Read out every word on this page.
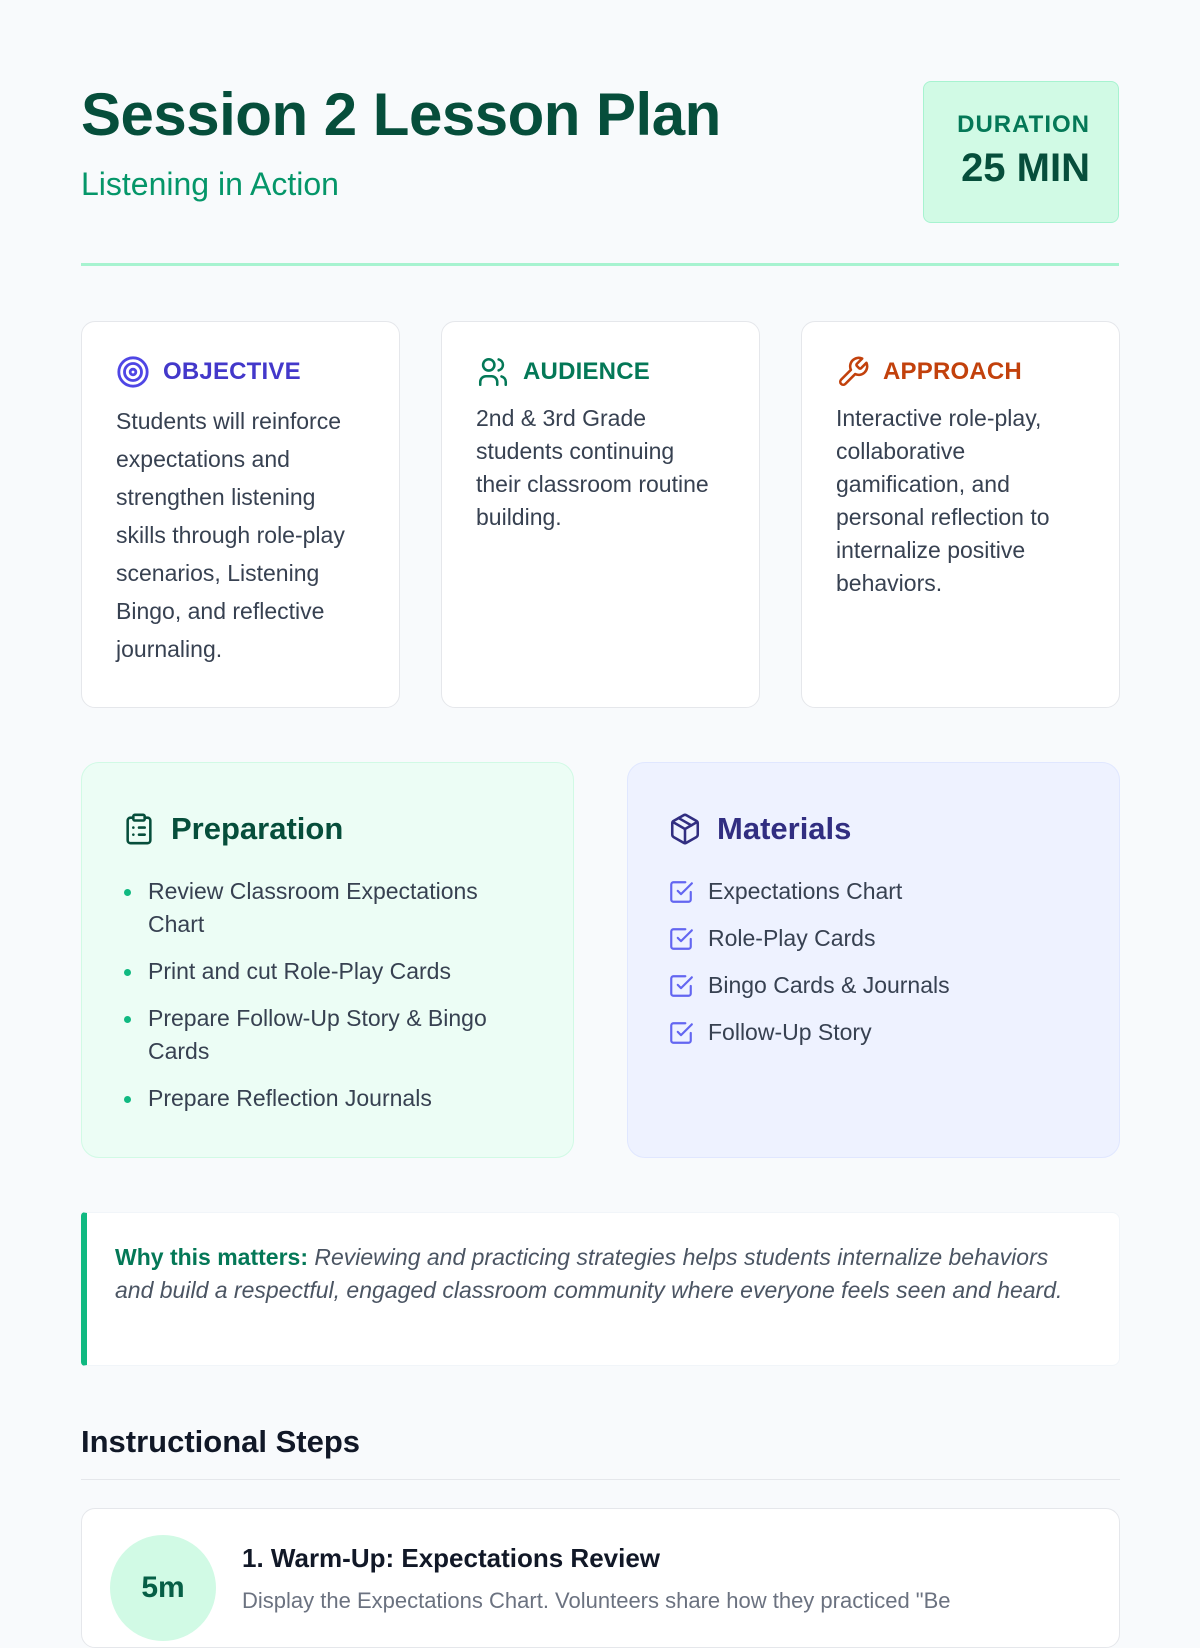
Session 2 Lesson Plan
Listening in Action
DURATION
25 MIN
OBJECTIVE

Students will reinforce expectations and strengthen listening skills through role-play scenarios, Listening Bingo, and reflective journaling.

AUDIENCE

2nd & 3rd Grade students continuing their classroom routine building.

APPROACH

Interactive role-play, collaborative gamification, and personal reflection to internalize positive behaviors.

Preparation
Review Classroom Expectations Chart
Print and cut Role-Play Cards
Prepare Follow-Up Story & Bingo Cards
Prepare Reflection Journals
Materials
Expectations Chart
Role-Play Cards
Bingo Cards & Journals
Follow-Up Story
Why this matters: Reviewing and practicing strategies helps students internalize behaviors and build a respectful, engaged classroom community where everyone feels seen and heard.
Instructional Steps
5m
1. Warm-Up: Expectations Review
Display the Expectations Chart. Volunteers share how they practiced "Be
